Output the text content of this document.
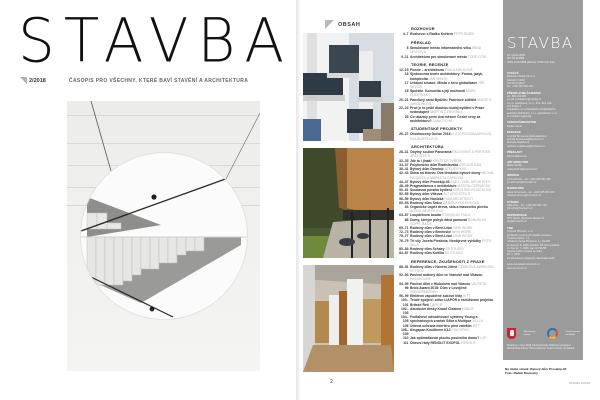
STAVBA
2/2018	ČASOPIS PRO VŠECHNY, KTERÉ BAVÍ STAVĚNÍ A ARCHITEKTURA
OBSAH
2
ROZHOVOR
4–7 Rozhovor s Radko Květem PETR ŠIMEK
PŘEKLAD
8 Simulované město informačního věku IRINA LEVKOVÁ
9–11 Architektura pro simulované město TODD OTÍS
TEORIE, RECENZE
12–15 Poezie – architektura PAVLA MELKOVÁ
16 Sjednocená teorie architektury: Forma, jazyk, komplexita JAN JEHLÍK
17 Urbánní situace. Města v šeru globalizace JIŘÍ ŠEVČÍK
18 Spolšíte. Komunita a její možnosti MARK PLÁTOVSKÝ
20–21 Panelový areál Bydžlín: Panelové sídliště MARIE D. JAROLÍNOVÁ
22–24 Proč je to ještě dlouhou budoj bydlení v Praze nedostupné MARTIN ČERVENKA
25 Co ukázaly první dva měsíce České ceny za architekturu? JANA TICHÁ
STUDENTSKÉ PROJEKTY
26–27 Ohodnocený Dučan 2018 LUCIE ROUSBAUEROVÁ, EVA BURTELOVÁ
ARCHITEKTURA
28–31 Obytný soubor Panorama PACOVSKÉ A PARTNER ARCHITEKTI
32–33 Jde to i jinak! KRYŠTOF TVRDÍK
34–37 Polyfunkční dům Bratislavská ATELIER SAM
38–41 Bytový dům Dominic ATELIER KVS
42–43 Sláva na židovu. Dva tírmkahé bytové domy MICHAL PALAŠČÍK A MARKÉTA ČAPKOVÁ
44–47 Bytový dům Prosekíp-03 ASEX IVKEL ARCHITEKTI
48–49 Pragmatismus v architektuře MARTIN ČERNÁČEK
50–51 Současná povaha bydlení KAROLÍNA VOJÁČKOVÁ
52–55 Bytový dům Vítkova ALT ARCHITEKTI
56–59 Bytový dům Nosická HAM ARCHITEKTI
60–63 Rodinný dům Srdce DANIELA POLÁNKOVÁ
63 Organické úspěž dřeva, skla a masového plechu ALENA VANĚČKOVÁ
64–67 Loupáčkova bouda STANISLAV FIALA
68 Domy, kterým pohyb dává pamovat BOHUSLAV VOPPL BASÍK
69–71 Rodinný dům v Brně-Líšni NEW WORK
72–73 Rodinný dům v Brněnské NEW WORK
75–77 Rodinný dům v Brně-Líšni NEW WORK
76–79 Tři vily Josefa Pleskota. Neobjevné vyhlídky PETR SKLA
80–83 Rodinný dům Schaey SP STUDIO
84–87 Rodinný dům Kutilka AV STUDIO
REFERENCE, ZKUŠENOSTI Z PRAXE
88–91 Rodinný dům v Novém Jičíně ČEDIKOVÁ MARKOVIC PETROV
92–93 Pasivní rodinný dům ve Vranově nad Vltavou HELAHOUSE
94–95 Pasivní dům v Hlubokém nad Vltavou VAI RETA
96 Brick Award 2018: Dům v Lovojírně WIENERBERGER
96–99 Efektivní zapuštěné sokové lišty ISTT
100–101
Trvalé spojení: zdivo LIAPOR a rozšířování projektu Britské Řeti LIAPOR
102–103
Akustické desky Knauf Cleaneo KNAUF
104–105
Podlahové odvodňovací systémy Young a sprchadových značek Silka a Multipor XELLA
106 Účinná ochrana interiéru před zateklin ISTT
108–109
Kingspan Kooltherm K12 KINGSPAN
110 Jak optimalizovat plochu pasivního domu? LXP
111 Obecní řády RENOLIT EXOFOL RENOLIT
STAVBA
25. ročník 2018
MK ČR E 6684
ISSN 1210-9568 (tištěné) / ISSN (on-line)
VYDÁVÁ
Business Media CZ s.r.o.
Nádražní 32/32
150 00 Praha 5
tel.: +420 225 351 102
PŘEDPLATNÉ ČASOPISU
tel.: 800 100 981
e-mail: predplatne@stavba.cz
A.L.C. predplatné, s.r.o., Ř.G. Box 13/L
113 Praha 1
Předplatné ve vydavatelství předplatitelům
sebíteké distribuční, s.r.o., predplatné, s.r.o.
ke produkti nejlevněji
VEDOUCÍ REDAKTOR
Radek Starik
REDAKCE
Ludmila Bonneová (šéfredaktorka)
ludmila.bonneova@bmczech.cz
Markéta Vojtíšková
marketa.vojtiskova@bmczech.cz
PŘEKLADY
Milena Böhmová
ART DIRECTOR
Matěj Kotrba
matej.kotrba@bmczech.cz
INZERCE
Jiří Lochman – tel.: +420 225 351 446
jiri.lochman@bmczech.cz
MARKETING
Hana Krmenová – tel.: +420 225 351 260
hana.krmenova@bmczech.cz
VÝROBA
Jitka Jíha – tel.: +420 225 351 133
jitka.jiha@bmczech.cz
REPRODUKCE
DTP Studio, Business Media CZ
dtp@bmczech.cz
TISK
Impress Příbram, s.r.o.
Podávání novinových zásilek povoleno
Českou poštou, s.p.
odštěpný závod Přeprava, č.j. Nov6/6
ze dne 20. 8. 1995 a Dodat. 5/6 Vod vysílania
ze dne 31. 7. 1998. Jan. R-190/98
Stavba potíže uřívatel se tisku:
26. 2. 2018
Za původnost příspěvků odpovídají autoři.
www.stavbaweb.bmczech.cz
www.bmczech.cz
Ministerstvo kultury
Česká komora architektů
Projekt je v roce 2018 zabezpečován Podporou programu Ministerstva kultury ČR a podporou České komory architektů
Na titulní straně: Bytový dům Prosekíp-03
Foto: Radek Brunecký
STAVBA 2/2018
